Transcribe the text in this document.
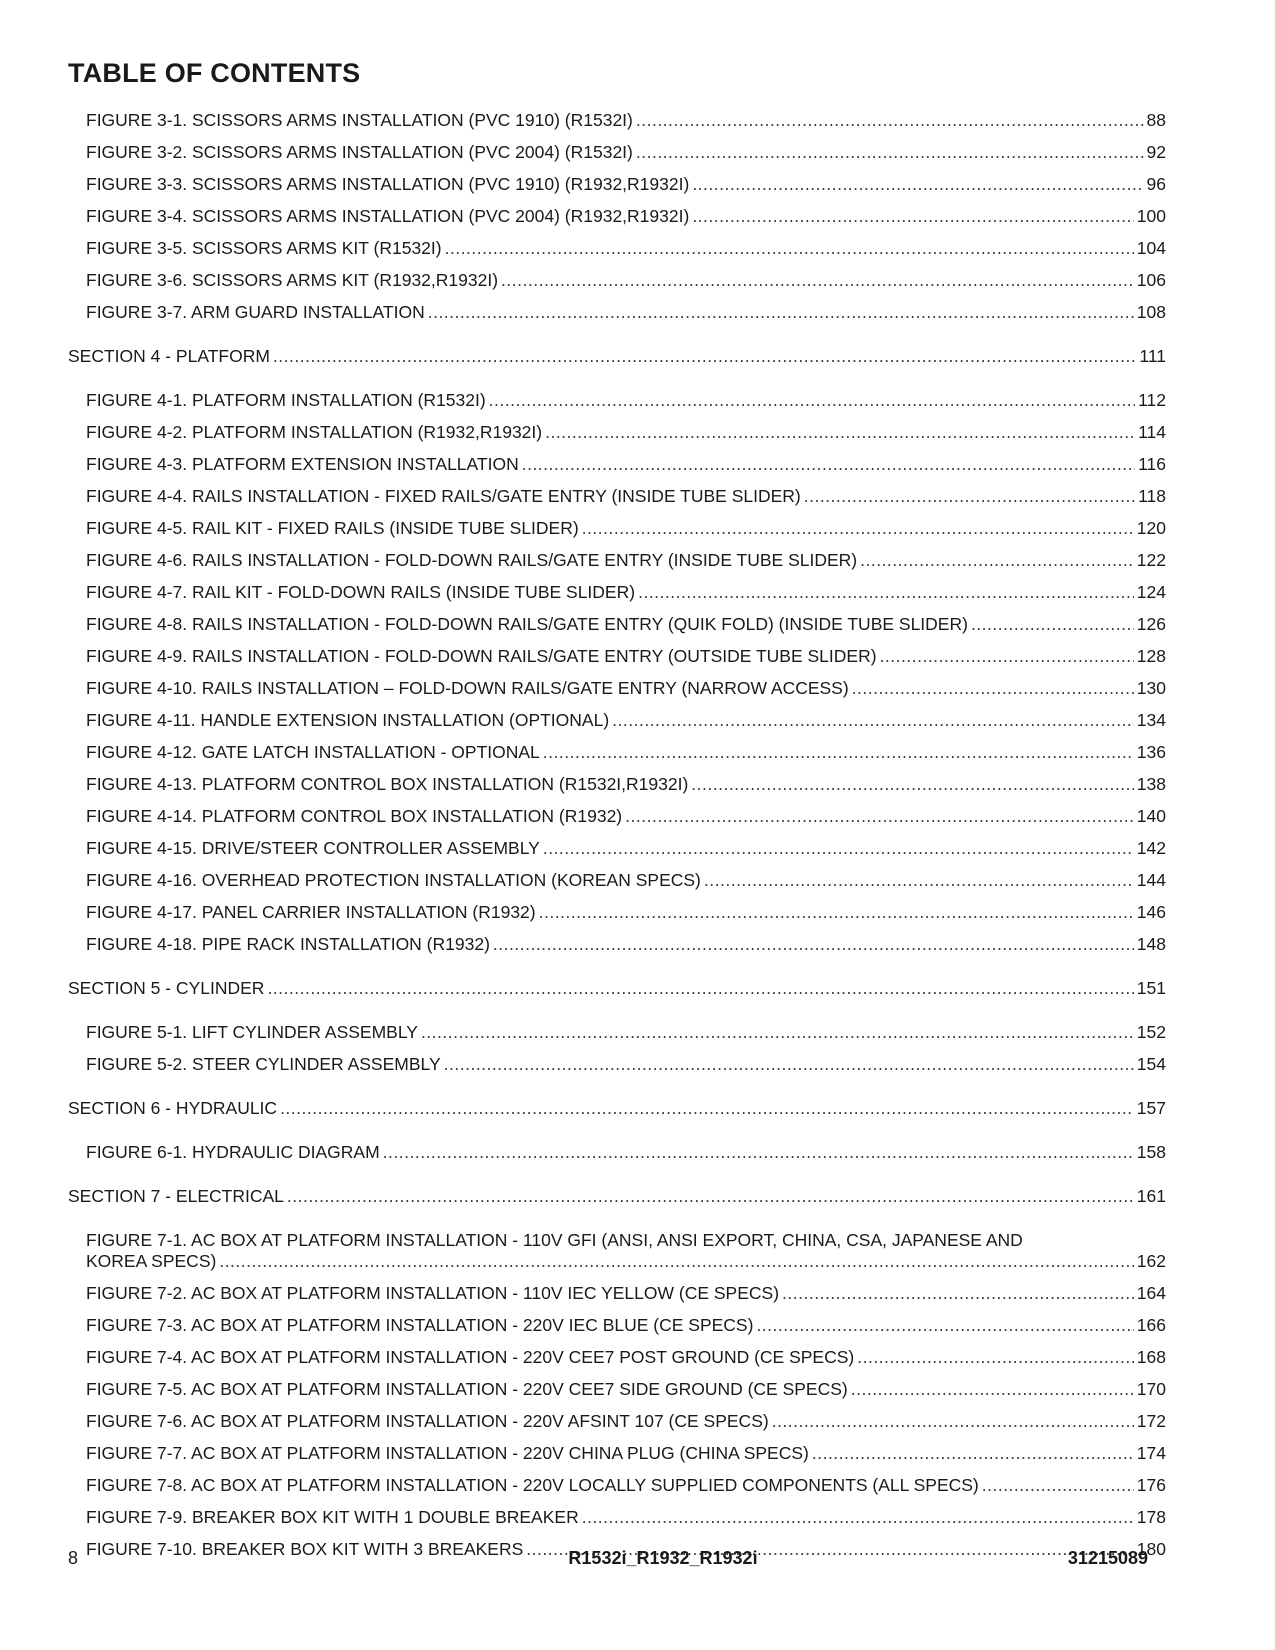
TABLE OF CONTENTS
FIGURE 3-1. SCISSORS ARMS INSTALLATION (PVC 1910) (R1532I) .....	88
FIGURE 3-2. SCISSORS ARMS INSTALLATION (PVC 2004) (R1532I) .....	92
FIGURE 3-3. SCISSORS ARMS INSTALLATION (PVC 1910) (R1932,R1932I) .....	96
FIGURE 3-4. SCISSORS ARMS INSTALLATION (PVC 2004) (R1932,R1932I) .....	100
FIGURE 3-5. SCISSORS ARMS KIT (R1532I) .....	104
FIGURE 3-6. SCISSORS ARMS KIT (R1932,R1932I) .....	106
FIGURE 3-7. ARM GUARD INSTALLATION .....	108
SECTION 4 - PLATFORM .....	111
FIGURE 4-1. PLATFORM INSTALLATION (R1532I) .....	112
FIGURE 4-2. PLATFORM INSTALLATION (R1932,R1932I) .....	114
FIGURE 4-3. PLATFORM EXTENSION INSTALLATION .....	116
FIGURE 4-4. RAILS INSTALLATION - FIXED RAILS/GATE ENTRY (INSIDE TUBE SLIDER) .....	118
FIGURE 4-5. RAIL KIT - FIXED RAILS (INSIDE TUBE SLIDER) .....	120
FIGURE 4-6. RAILS INSTALLATION - FOLD-DOWN RAILS/GATE ENTRY (INSIDE TUBE SLIDER) .....	122
FIGURE 4-7. RAIL KIT - FOLD-DOWN RAILS (INSIDE TUBE SLIDER) .....	124
FIGURE 4-8. RAILS INSTALLATION - FOLD-DOWN RAILS/GATE ENTRY (QUIK FOLD) (INSIDE TUBE SLIDER) .....	126
FIGURE 4-9. RAILS INSTALLATION - FOLD-DOWN RAILS/GATE ENTRY (OUTSIDE TUBE SLIDER) .....	128
FIGURE 4-10. RAILS INSTALLATION – FOLD-DOWN RAILS/GATE ENTRY (NARROW ACCESS) .....	130
FIGURE 4-11. HANDLE EXTENSION INSTALLATION (OPTIONAL) .....	134
FIGURE 4-12. GATE LATCH INSTALLATION - OPTIONAL .....	136
FIGURE 4-13. PLATFORM CONTROL BOX INSTALLATION (R1532I,R1932I) .....	138
FIGURE 4-14. PLATFORM CONTROL BOX INSTALLATION (R1932) .....	140
FIGURE 4-15. DRIVE/STEER CONTROLLER ASSEMBLY .....	142
FIGURE 4-16. OVERHEAD PROTECTION INSTALLATION (KOREAN SPECS) .....	144
FIGURE 4-17. PANEL CARRIER INSTALLATION (R1932) .....	146
FIGURE 4-18. PIPE RACK INSTALLATION (R1932) .....	148
SECTION 5 - CYLINDER .....	151
FIGURE 5-1. LIFT CYLINDER ASSEMBLY .....	152
FIGURE 5-2. STEER CYLINDER ASSEMBLY .....	154
SECTION 6 - HYDRAULIC .....	157
FIGURE 6-1. HYDRAULIC DIAGRAM .....	158
SECTION 7 - ELECTRICAL .....	161
FIGURE 7-1. AC BOX AT PLATFORM INSTALLATION - 110V GFI (ANSI, ANSI EXPORT, CHINA, CSA, JAPANESE AND
KOREA SPECS) .....	162
FIGURE 7-2. AC BOX AT PLATFORM INSTALLATION - 110V IEC YELLOW (CE SPECS) .....	164
FIGURE 7-3. AC BOX AT PLATFORM INSTALLATION - 220V IEC BLUE (CE SPECS) .....	166
FIGURE 7-4. AC BOX AT PLATFORM INSTALLATION - 220V CEE7 POST GROUND (CE SPECS) .....	168
FIGURE 7-5. AC BOX AT PLATFORM INSTALLATION - 220V CEE7 SIDE GROUND (CE SPECS) .....	170
FIGURE 7-6. AC BOX AT PLATFORM INSTALLATION - 220V AFSINT 107 (CE SPECS) .....	172
FIGURE 7-7. AC BOX AT PLATFORM INSTALLATION - 220V CHINA PLUG (CHINA SPECS) .....	174
FIGURE 7-8. AC BOX AT PLATFORM INSTALLATION - 220V LOCALLY SUPPLIED COMPONENTS (ALL SPECS) .....	176
FIGURE 7-9. BREAKER BOX KIT WITH 1 DOUBLE BREAKER .....	178
FIGURE 7-10. BREAKER BOX KIT WITH 3 BREAKERS .....	180
8	R1532i_R1932_R1932i	31215089
